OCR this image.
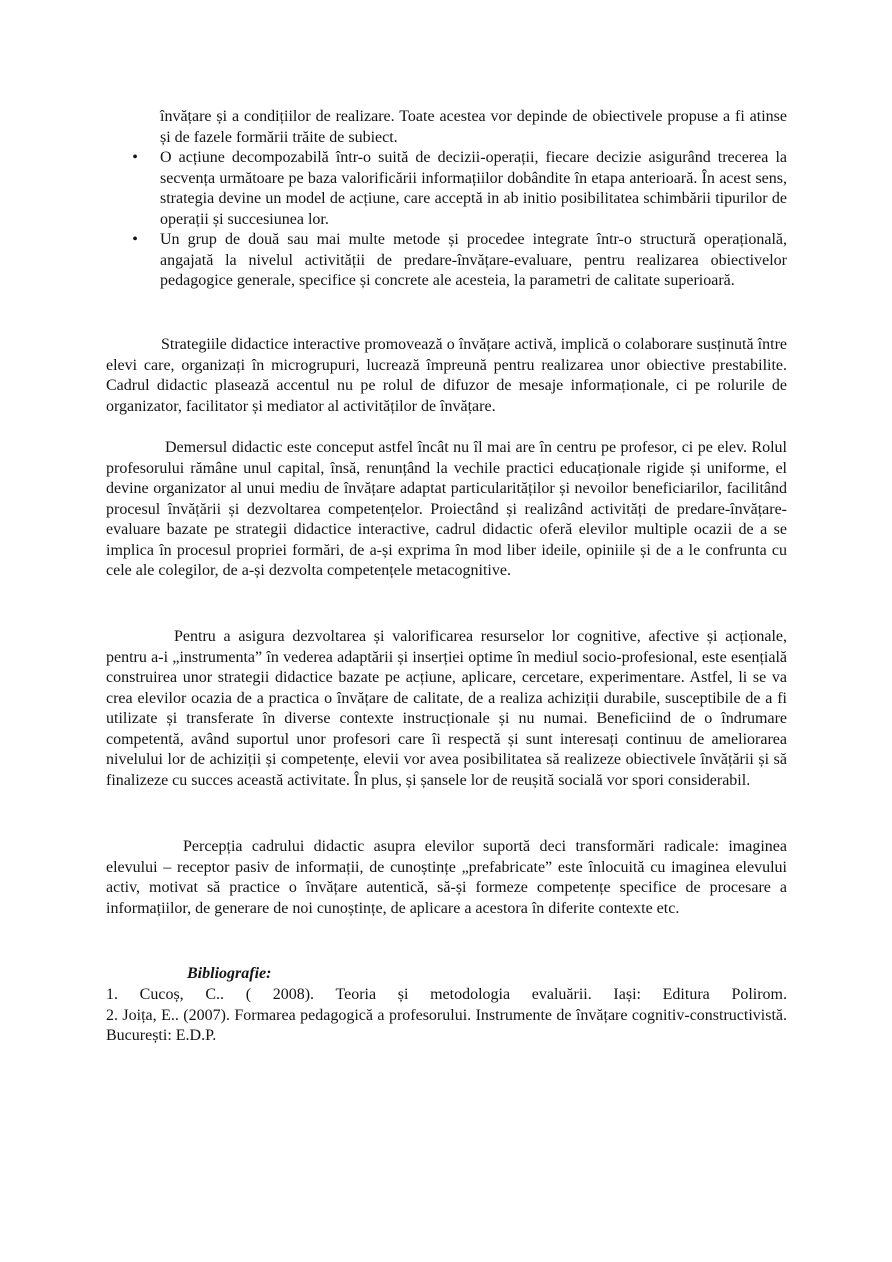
învățare și a condițiilor de realizare. Toate acestea vor depinde de obiectivele propuse a fi atinse și de fazele formării trăite de subiect.
• O acțiune decompozabilă într-o suită de decizii-operații, fiecare decizie asigurând trecerea la secvența următoare pe baza valorificării informațiilor dobândite în etapa anterioară. În acest sens, strategia devine un model de acțiune, care acceptă in ab initio posibilitatea schimbării tipurilor de operații și succesiunea lor.
• Un grup de două sau mai multe metode și procedee integrate într-o structură operațională, angajată la nivelul activității de predare-învățare-evaluare, pentru realizarea obiectivelor pedagogice generale, specifice și concrete ale acesteia, la parametri de calitate superioară.

Strategiile didactice interactive promovează o învățare activă, implică o colaborare susținută între elevi care, organizați în microgrupuri, lucrează împreună pentru realizarea unor obiective prestabilite. Cadrul didactic plasează accentul nu pe rolul de difuzor de mesaje informaționale, ci pe rolurile de organizator, facilitator și mediator al activităților de învățare.

Demersul didactic este conceput astfel încât nu îl mai are în centru pe profesor, ci pe elev. Rolul profesorului rămâne unul capital, însă, renunțând la vechile practici educaționale rigide și uniforme, el devine organizator al unui mediu de învățare adaptat particularităților și nevoilor beneficiarilor, facilitând procesul învățării și dezvoltarea competențelor. Proiectând și realizând activități de predare-învățare-evaluare bazate pe strategii didactice interactive, cadrul didactic oferă elevilor multiple ocazii de a se implica în procesul propriei formări, de a-și exprima în mod liber ideile, opiniile și de a le confrunta cu cele ale colegilor, de a-și dezvolta competențele metacognitive.

Pentru a asigura dezvoltarea și valorificarea resurselor lor cognitive, afective și acționale, pentru a-i „instrumenta” în vederea adaptării și inserției optime în mediul socio-profesional, este esențială construirea unor strategii didactice bazate pe acțiune, aplicare, cercetare, experimentare. Astfel, li se va crea elevilor ocazia de a practica o învățare de calitate, de a realiza achiziții durabile, susceptibile de a fi utilizate și transferate în diverse contexte instrucționale și nu numai. Beneficiind de o îndrumare competentă, având suportul unor profesori care îi respectă și sunt interesați continuu de ameliorarea nivelului lor de achiziții și competențe, elevii vor avea posibilitatea să realizeze obiectivele învățării și să finalizeze cu succes această activitate. În plus, și șansele lor de reușită socială vor spori considerabil.

Percepția cadrului didactic asupra elevilor suportă deci transformări radicale: imaginea elevului – receptor pasiv de informații, de cunoștințe „prefabricate” este înlocuită cu imaginea elevului activ, motivat să practice o învățare autentică, să-și formeze competențe specifice de procesare a informațiilor, de generare de noi cunoștințe, de aplicare a acestora în diferite contexte etc.

Bibliografie:
1. Cucoș, C.. ( 2008). Teoria și metodologia evaluării. Iași: Editura Polirom.
2. Joița, E.. (2007). Formarea pedagogică a profesorului. Instrumente de învățare cognitiv-constructivistă. București: E.D.P.
